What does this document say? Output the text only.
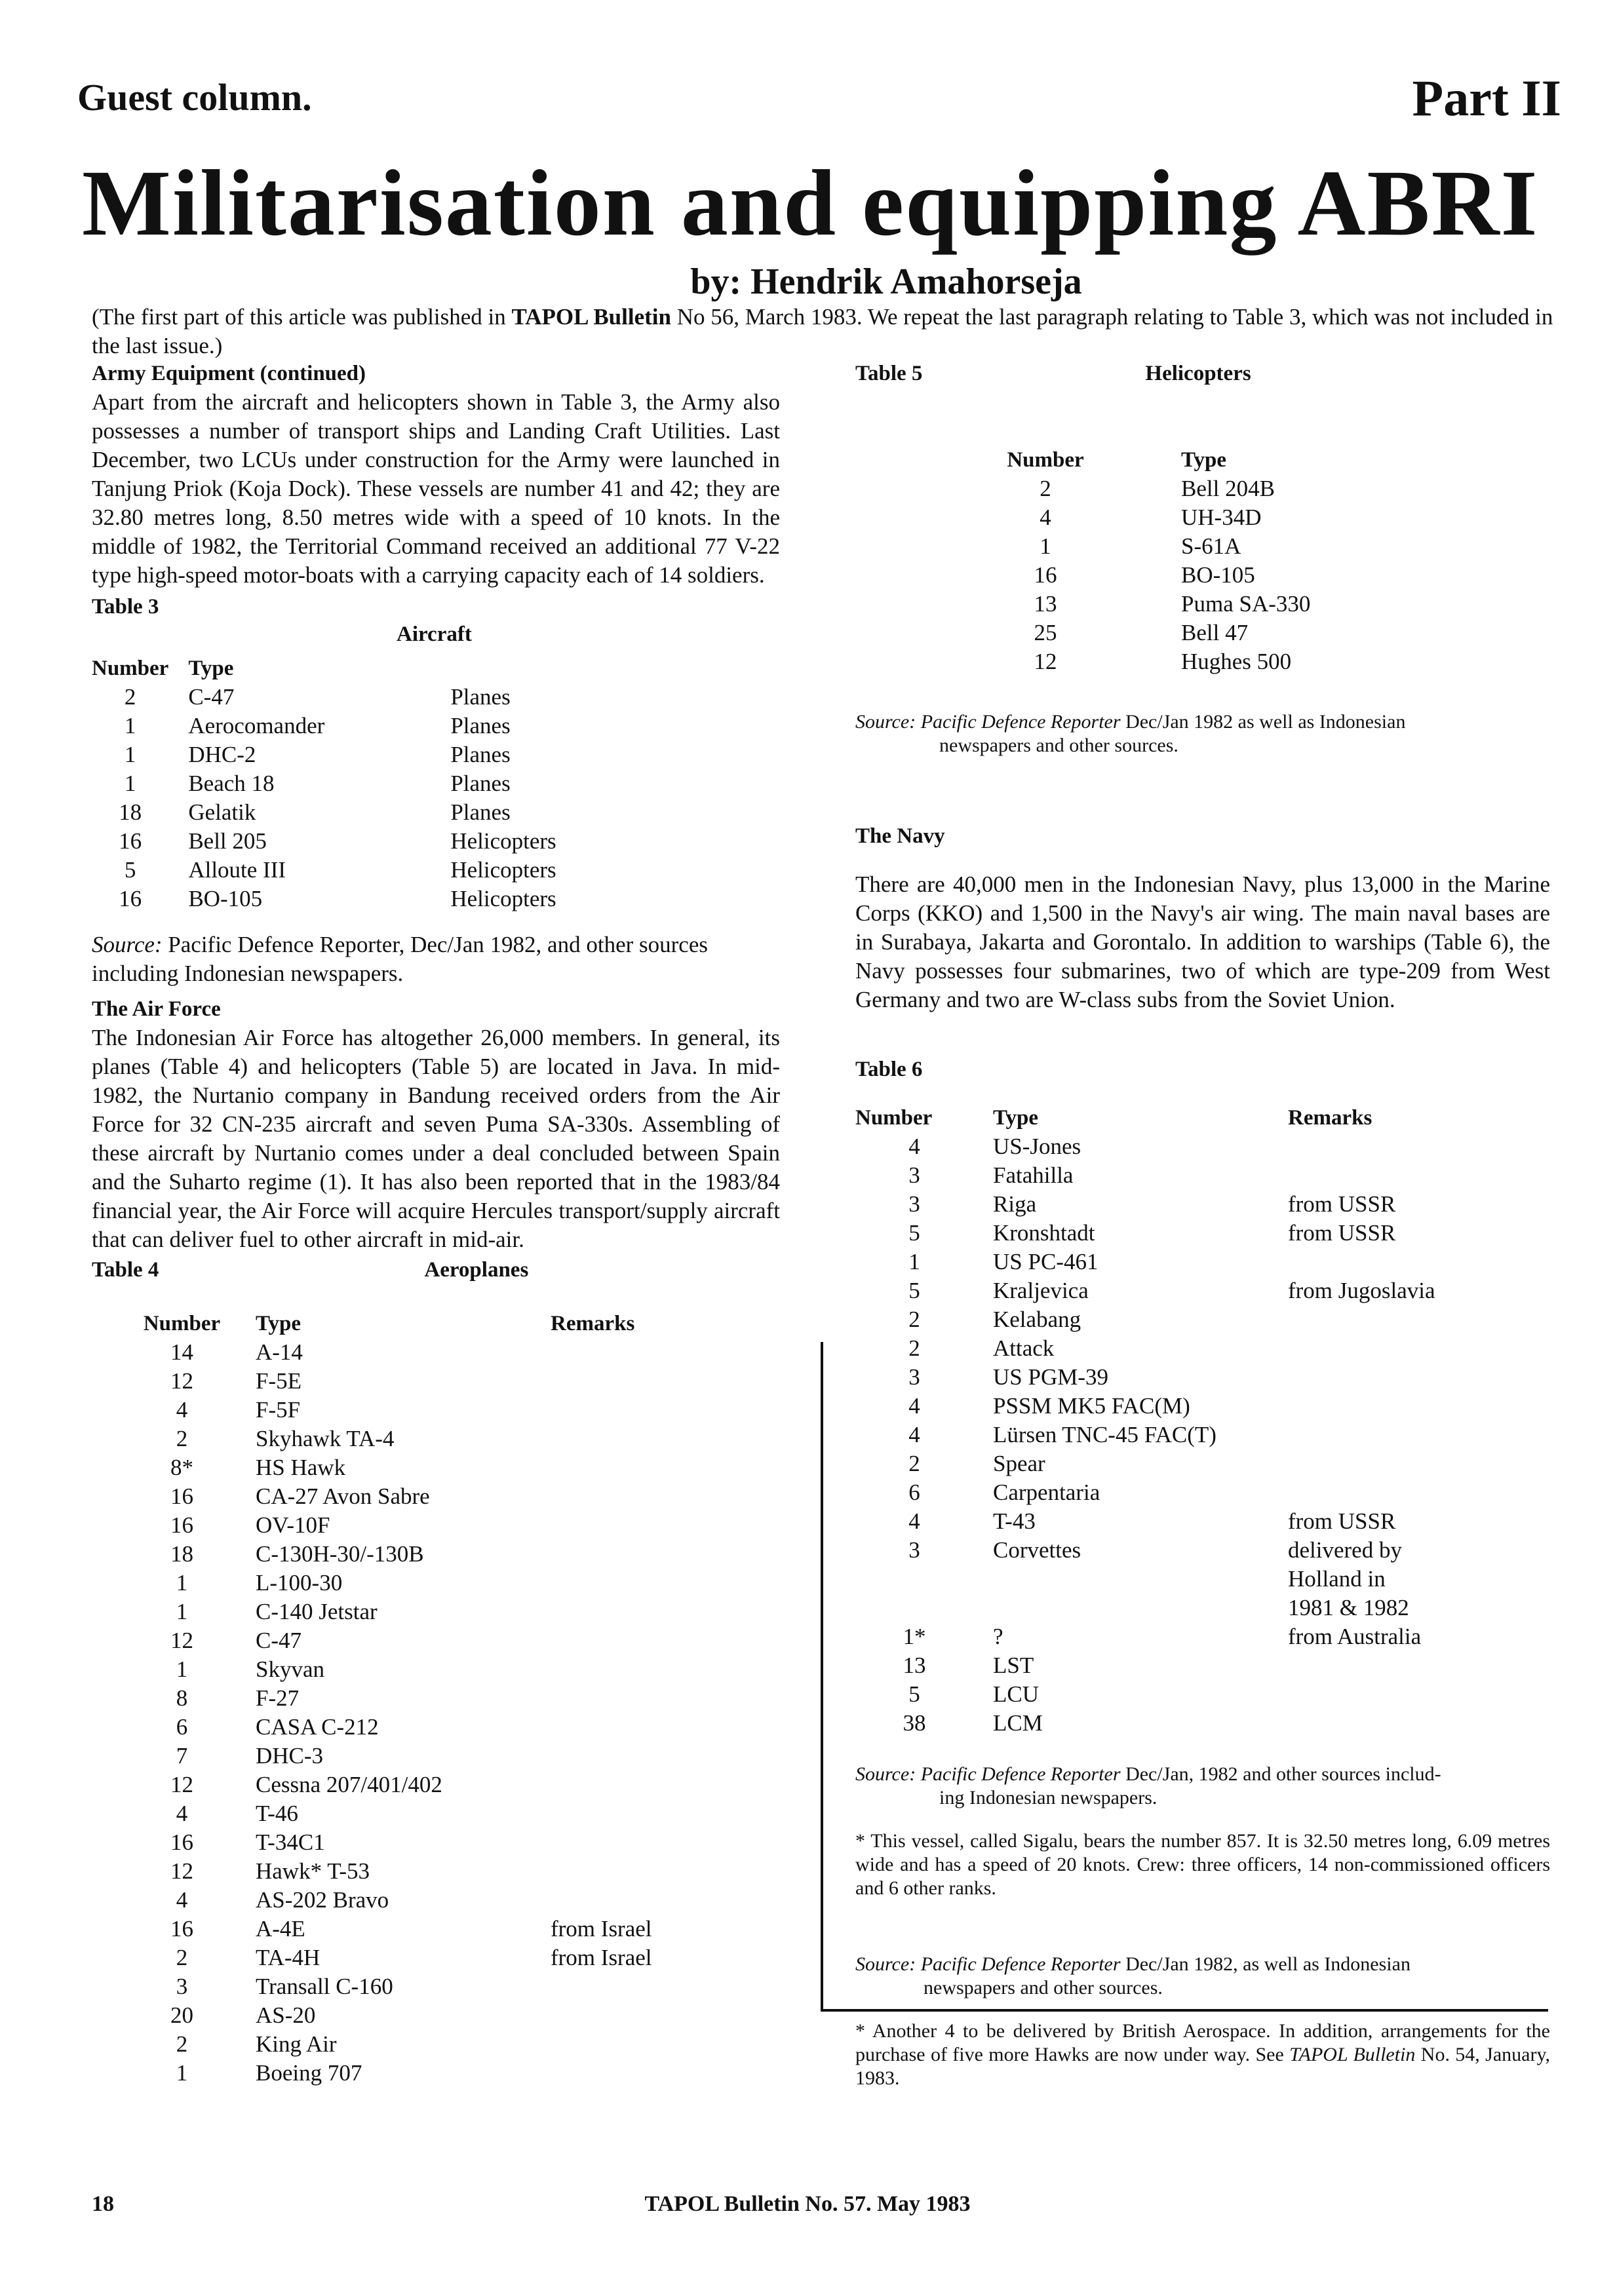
Guest column.	Part II
Militarisation and equipping ABRI
by: Hendrik Amahorseja
(The first part of this article was published in TAPOL Bulletin No 56, March 1983. We repeat the last paragraph relating to Table 3, which was not included in the last issue.)
Army Equipment (continued)

Apart from the aircraft and helicopters shown in Table 3, the Army also possesses a number of transport ships and Landing Craft Utilities. Last December, two LCUs under construction for the Army were launched in Tanjung Priok (Koja Dock). These vessels are number 41 and 42; they are 32.80 metres long, 8.50 metres wide with a speed of 10 knots. In the middle of 1982, the Territorial Command received an additional 77 V-22 type high-speed motor-boats with a carrying capacity each of 14 soldiers.

Table 3
Aircraft
Number	Type	
2	C-47	Planes
1	Aerocomander	Planes
1	DHC-2	Planes
1	Beach 18	Planes
18	Gelatik	Planes
16	Bell 205	Helicopters
5	Alloute III	Helicopters
16	BO-105	Helicopters
Source: Pacific Defence Reporter, Dec/Jan 1982, and other sources including Indonesian newspapers.
The Air Force

The Indonesian Air Force has altogether 26,000 members. In general, its planes (Table 4) and helicopters (Table 5) are located in Java. In mid-1982, the Nurtanio company in Bandung received orders from the Air Force for 32 CN-235 aircraft and seven Puma SA-330s. Assembling of these aircraft by Nurtanio comes under a deal concluded between Spain and the Suharto regime (1). It has also been reported that in the 1983/84 financial year, the Air Force will acquire Hercules transport/supply aircraft that can deliver fuel to other aircraft in mid-air.

Table 4	Aeroplanes
Number	Type	Remarks
14	A-14	
12	F-5E	
4	F-5F	
2	Skyhawk TA-4	
8*	HS Hawk	
16	CA-27 Avon Sabre	
16	OV-10F	
18	C-130H-30/-130B	
1	L-100-30	
1	C-140 Jetstar	
12	C-47	
1	Skyvan	
8	F-27	
6	CASA C-212	
7	DHC-3	
12	Cessna 207/401/402	
4	T-46	
16	T-34C1	
12	Hawk* T-53	
4	AS-202 Bravo	
16	A-4E	from Israel
2	TA-4H	from Israel
3	Transall C-160	
20	AS-20	
2	King Air	
1	Boeing 707	
Table 5	Helicopters
Number	Type
2	Bell 204B
4	UH-34D
1	S-61A
16	BO-105
13	Puma SA-330
25	Bell 47
12	Hughes 500
Source: Pacific Defence Reporter Dec/Jan 1982 as well as Indonesian
newspapers and other sources.
The Navy

There are 40,000 men in the Indonesian Navy, plus 13,000 in the Marine Corps (KKO) and 1,500 in the Navy's air wing. The main naval bases are in Surabaya, Jakarta and Gorontalo. In addition to warships (Table 6), the Navy possesses four submarines, two of which are type-209 from West Germany and two are W-class subs from the Soviet Union.

Table 6
Number	Type	Remarks
4	US-Jones	
3	Fatahilla	
3	Riga	from USSR
5	Kronshtadt	from USSR
1	US PC-461	
5	Kraljevica	from Jugoslavia
2	Kelabang	
2	Attack	
3	US PGM-39	
4	PSSM MK5 FAC(M)	
4	Lürsen TNC-45 FAC(T)	
2	Spear	
6	Carpentaria	
4	T-43	from USSR
3	Corvettes	delivered by
		Holland in
		1981 & 1982
1*	?	from Australia
13	LST	
5	LCU	
38	LCM	
Source: Pacific Defence Reporter Dec/Jan, 1982 and other sources includ-
ing Indonesian newspapers.
* This vessel, called Sigalu, bears the number 857. It is 32.50 metres long, 6.09 metres wide and has a speed of 20 knots. Crew: three officers, 14 non-commissioned officers and 6 other ranks.
Source: Pacific Defence Reporter Dec/Jan 1982, as well as Indonesian
newspapers and other sources.
* Another 4 to be delivered by British Aerospace. In addition, arrangements for the purchase of five more Hawks are now under way. See TAPOL Bulletin No. 54, January, 1983.
18	TAPOL Bulletin No. 57. May 1983
